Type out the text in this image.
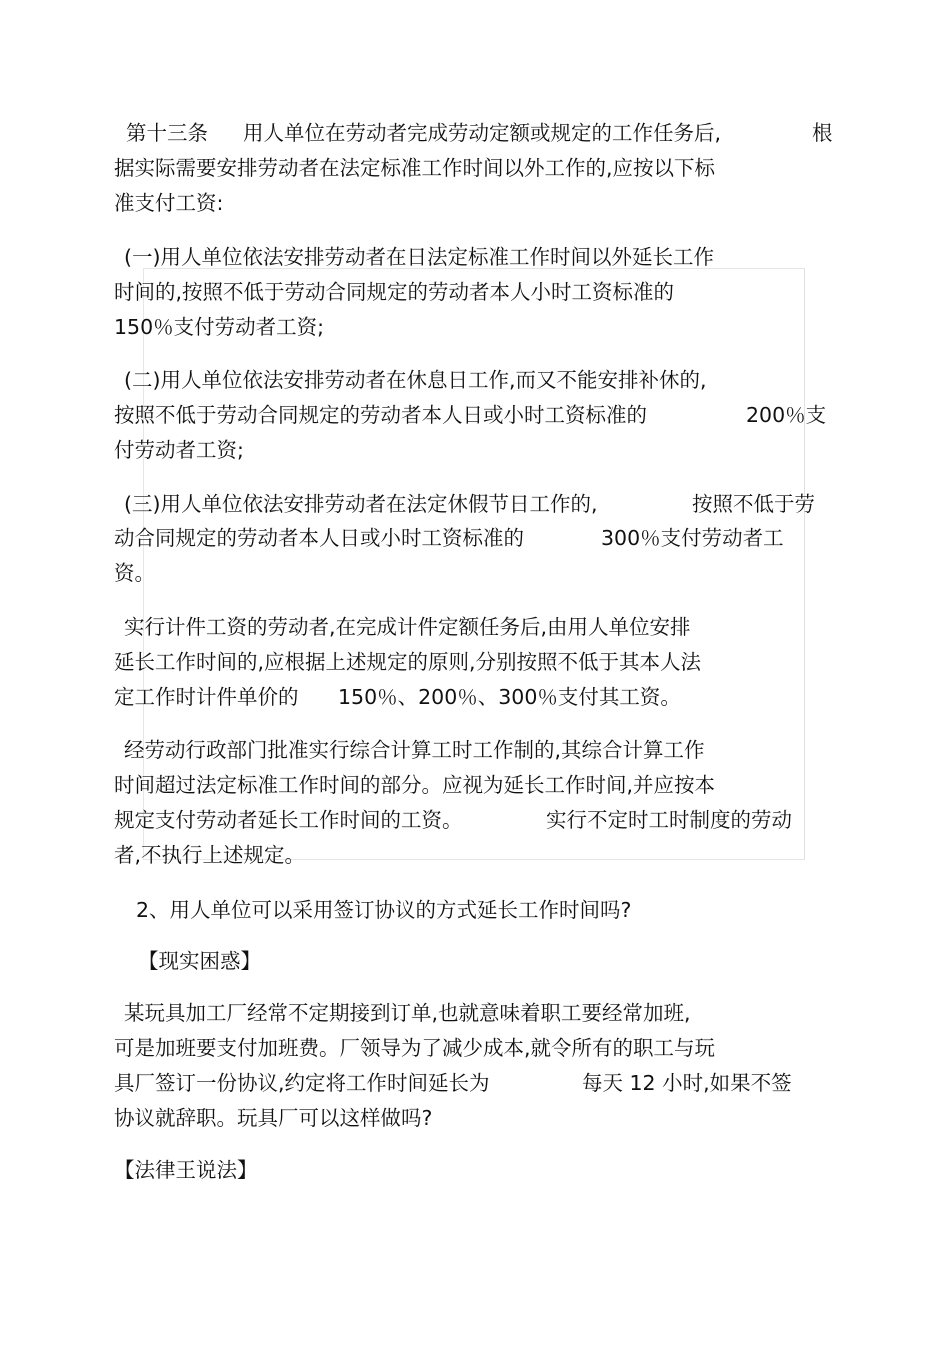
第十三条 用人单位在劳动者完成劳动定额或规定的工作任务后,	根
据实际需要安排劳动者在法定标准工作时间以外工作的,应按以下标
准支付工资:
(一)用人单位依法安排劳动者在日法定标准工作时间以外延长工作
时间的,按照不低于劳动合同规定的劳动者本人小时工资标准的
150％支付劳动者工资;
(二)用人单位依法安排劳动者在休息日工作,而又不能安排补休的,
按照不低于劳动合同规定的劳动者本人日或小时工资标准的	200％支
付劳动者工资;
(三)用人单位依法安排劳动者在法定休假节日工作的,	按照不低于劳
动合同规定的劳动者本人日或小时工资标准的	300％支付劳动者工
资。
实行计件工资的劳动者,在完成计件定额任务后,由用人单位安排
延长工作时间的,应根据上述规定的原则,分别按照不低于其本人法
定工作时计件单价的 150％、200％、300％支付其工资。
经劳动行政部门批准实行综合计算工时工作制的,其综合计算工作
时间超过法定标准工作时间的部分。应视为延长工作时间,并应按本
规定支付劳动者延长工作时间的工资。	实行不定时工时制度的劳动
者,不执行上述规定。
2、用人单位可以采用签订协议的方式延长工作时间吗?
【现实困惑】
某玩具加工厂经常不定期接到订单,也就意味着职工要经常加班,
可是加班要支付加班费。厂领导为了减少成本,就令所有的职工与玩
具厂签订一份协议,约定将工作时间延长为	每天 12 小时,如果不签
协议就辞职。玩具厂可以这样做吗?
【法律王说法】
